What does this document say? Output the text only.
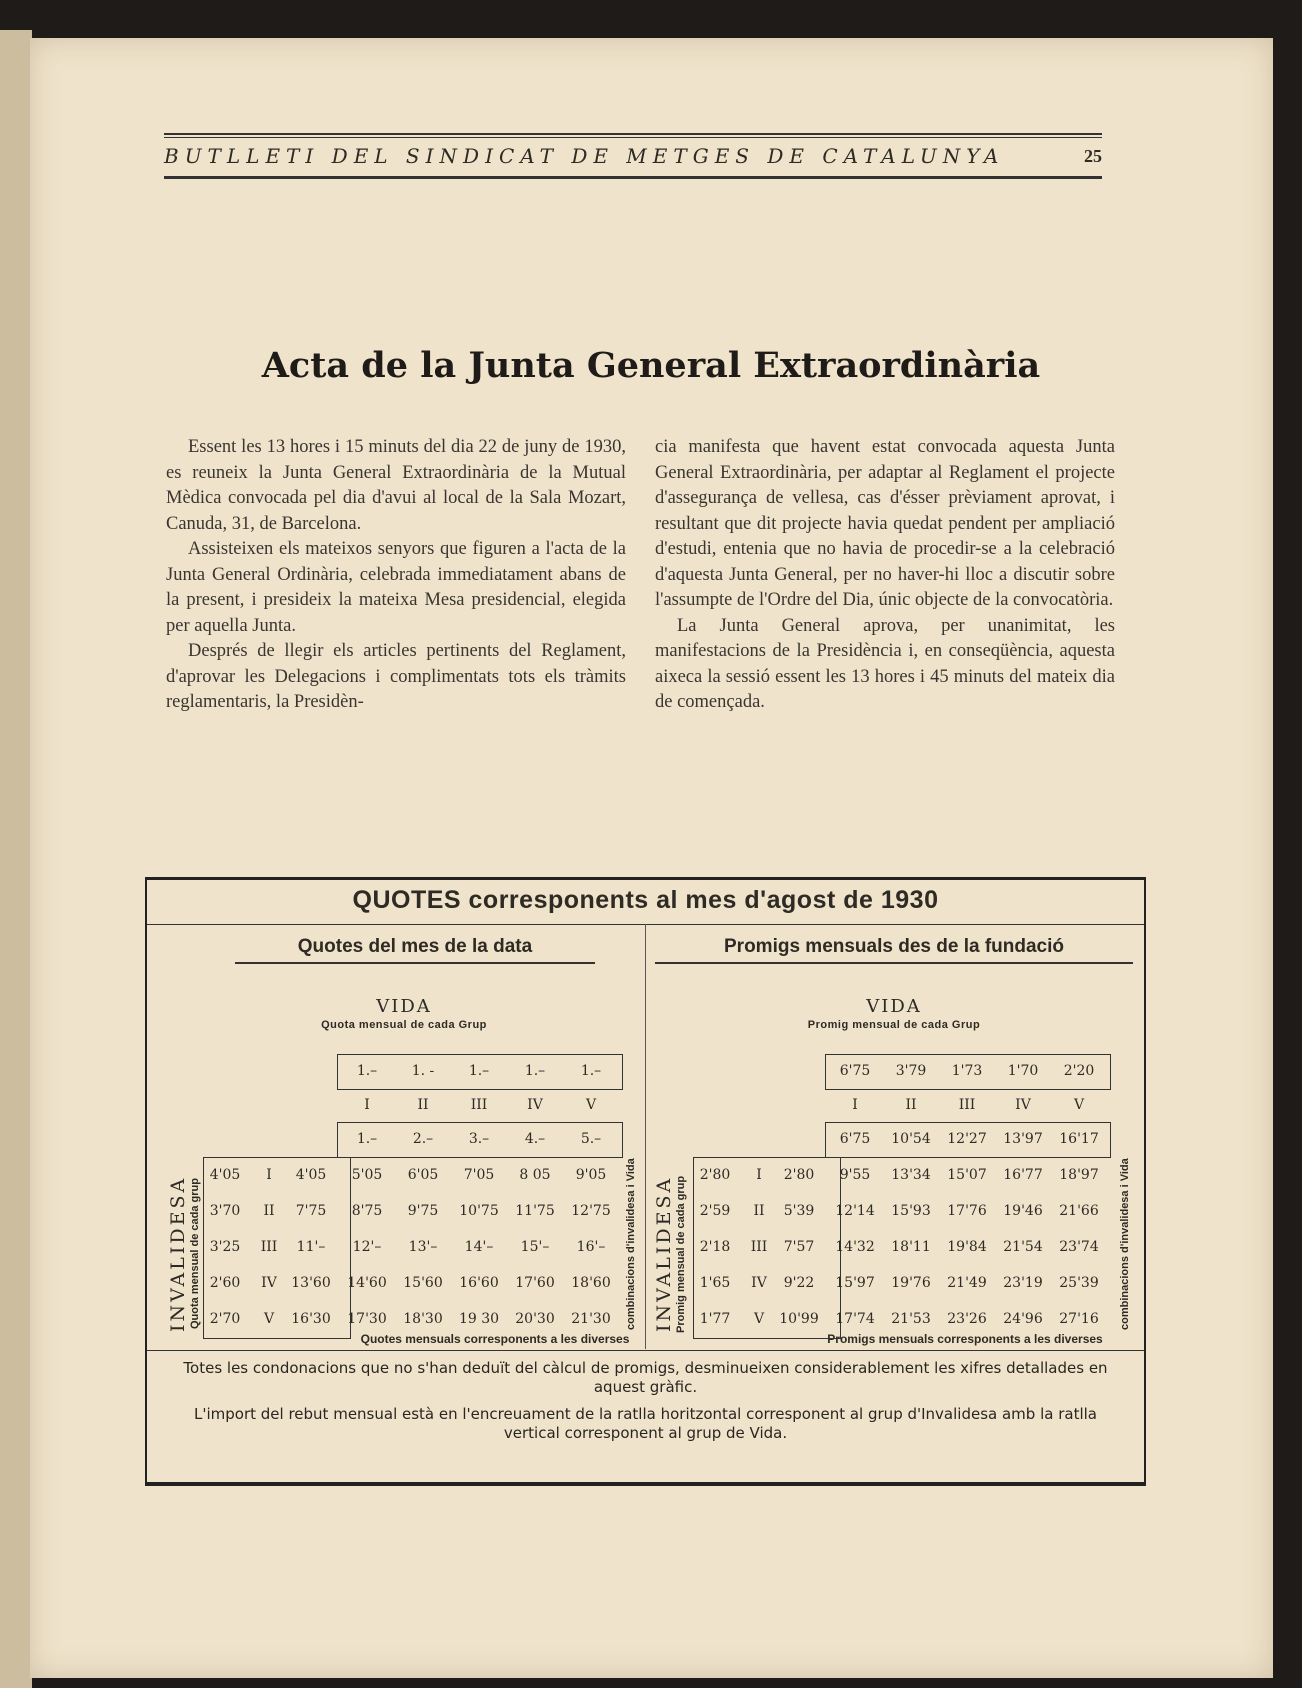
BUTLLETI DEL SINDICAT DE METGES DE CATALUNYA	25
Acta de la Junta General Extraordinària

Essent les 13 hores i 15 minuts del dia 22 de juny de 1930, es reuneix la Junta General Extraordinària de la Mutual Mèdica convocada pel dia d'avui al local de la Sala Mozart, Canuda, 31, de Barcelona.

Assisteixen els mateixos senyors que figuren a l'acta de la Junta General Ordinària, celebrada immediatament abans de la present, i presideix la mateixa Mesa presidencial, elegida per aquella Junta.

Després de llegir els articles pertinents del Reglament, d'aprovar les Delegacions i complimentats tots els tràmits reglamentaris, la Presidèn-

cia manifesta que havent estat convocada aquesta Junta General Extraordinària, per adaptar al Reglament el projecte d'assegurança de vellesa, cas d'ésser prèviament aprovat, i resultant que dit projecte havia quedat pendent per ampliació d'estudi, entenia que no havia de procedir-se a la celebració d'aquesta Junta General, per no haver-hi lloc a discutir sobre l'assumpte de l'Ordre del Dia, únic objecte de la convocatòria.

La Junta General aprova, per unanimitat, les manifestacions de la Presidència i, en conseqüència, aquesta aixeca la sessió essent les 13 hores i 45 minuts del mateix dia de començada.

QUOTES corresponents al mes d'agost de 1930
Quotes del mes de la data
VIDA
Quota mensual de cada Grup
INVALIDESA Quota mensual de cada grup	combinacions d'invalidesa i Vida
Quotes mensuals corresponents a les diverses
1.–	1. -	1.–	1.–	1.–
I	II	III	IV	V
1.–	2.–	3.–	4.–	5.–
4'05	I	4'05	5'05	6'05	7'05	8 05	9'05
3'70	II	7'75	8'75	9'75	10'75	11'75	12'75
3'25	III	11'–	12'–	13'–	14'–	15'–	16'–
2'60	IV	13'60	14'60	15'60	16'60	17'60	18'60
2'70	V	16'30	17'30	18'30	19 30	20'30	21'30
Promigs mensuals des de la fundació
VIDA
Promig mensual de cada Grup
INVALIDESA Promig mensual de cada grup	combinacions d'invalidesa i Vida
Promigs mensuals corresponents a les diverses
6'75	3'79	1'73	1'70	2'20
I	II	III	IV	V
6'75	10'54	12'27	13'97	16'17
2'80	I	2'80	9'55	13'34	15'07	16'77	18'97
2'59	II	5'39	12'14	15'93	17'76	19'46	21'66
2'18	III	7'57	14'32	18'11	19'84	21'54	23'74
1'65	IV	9'22	15'97	19'76	21'49	23'19	25'39
1'77	V	10'99	17'74	21'53	23'26	24'96	27'16

Totes les condonacions que no s'han deduït del càlcul de promigs, desminueixen considerablement les xifres detallades en aquest gràfic.

L'import del rebut mensual està en l'encreuament de la ratlla horitzontal corresponent al grup d'Invalidesa amb la ratlla vertical corresponent al grup de Vida.
